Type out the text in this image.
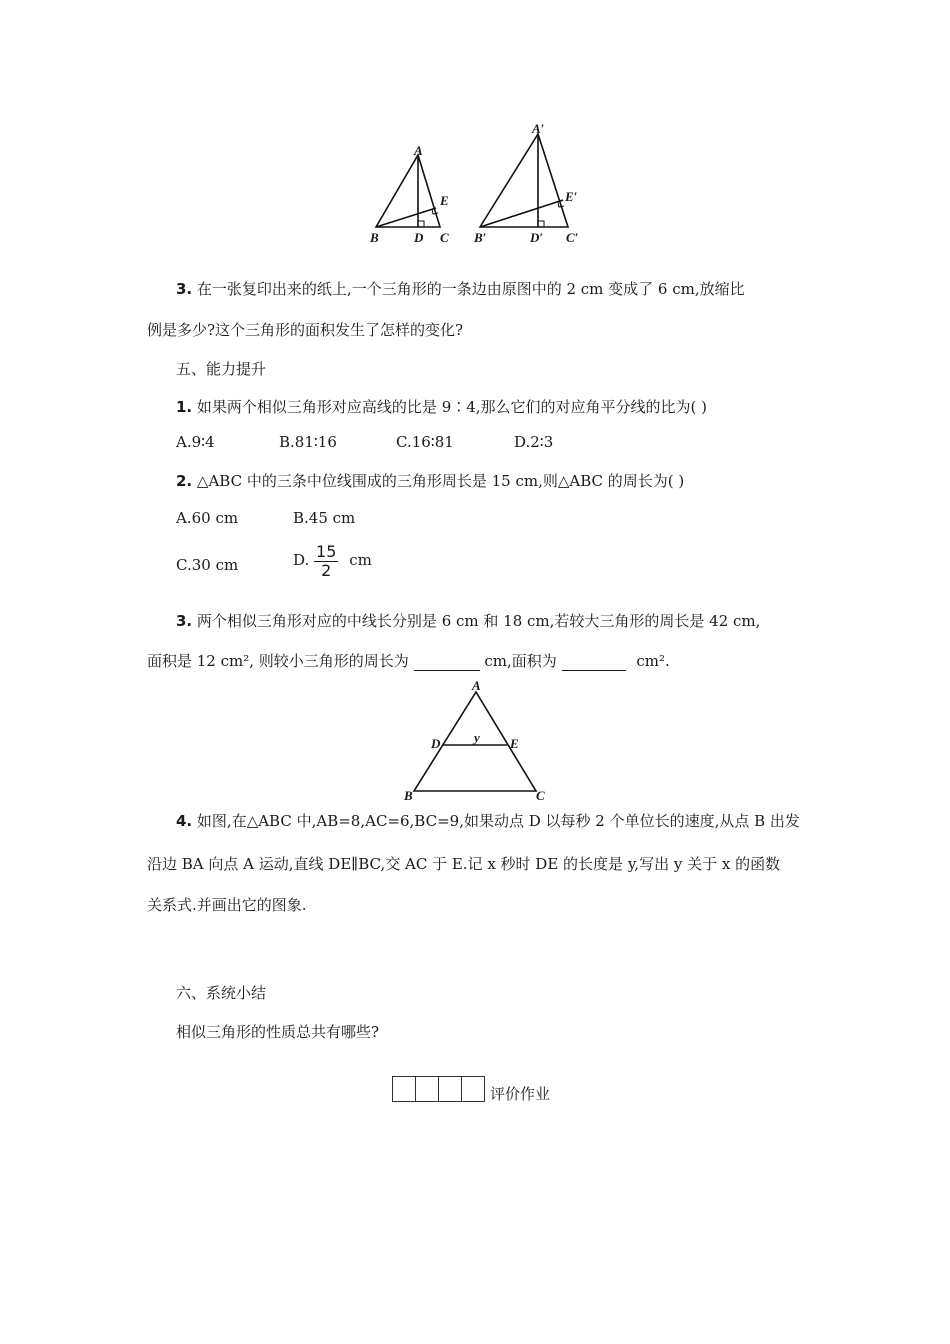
A
B	D C
E
A′
B′	D′ C′
E′
3. 在一张复印出来的纸上,一个三角形的一条边由原图中的 2 cm 变成了 6 cm,放缩比
例是多少?这个三角形的面积发生了怎样的变化?
五、能力提升
1. 如果两个相似三角形对应高线的比是 9∶4,那么它们的对应角平分线的比为( )
A.9∶4	B.81∶16	C.16∶81	D.2∶3
2. △ABC 中的三条中位线围成的三角形周长是 15 cm,则△ABC 的周长为( )
A.60 cm	B.45 cm
C.30 cm	D. $\frac{15}{2}$ cm
3. 两个相似三角形对应的中线长分别是 6 cm 和 18 cm,若较大三角形的周长是 42 cm,
面积是 12 cm², 则较小三角形的周长为	cm,面积为	cm².
A
D	E
y
B	C
4. 如图,在△ABC 中,AB=8,AC=6,BC=9,如果动点 D 以每秒 2 个单位长的速度,从点 B 出发
沿边 BA 向点 A 运动,直线 DE∥BC,交 AC 于 E.记 x 秒时 DE 的长度是 y,写出 y 关于 x 的函数
关系式.并画出它的图象.
六、系统小结
相似三角形的性质总共有哪些?
评价作业
